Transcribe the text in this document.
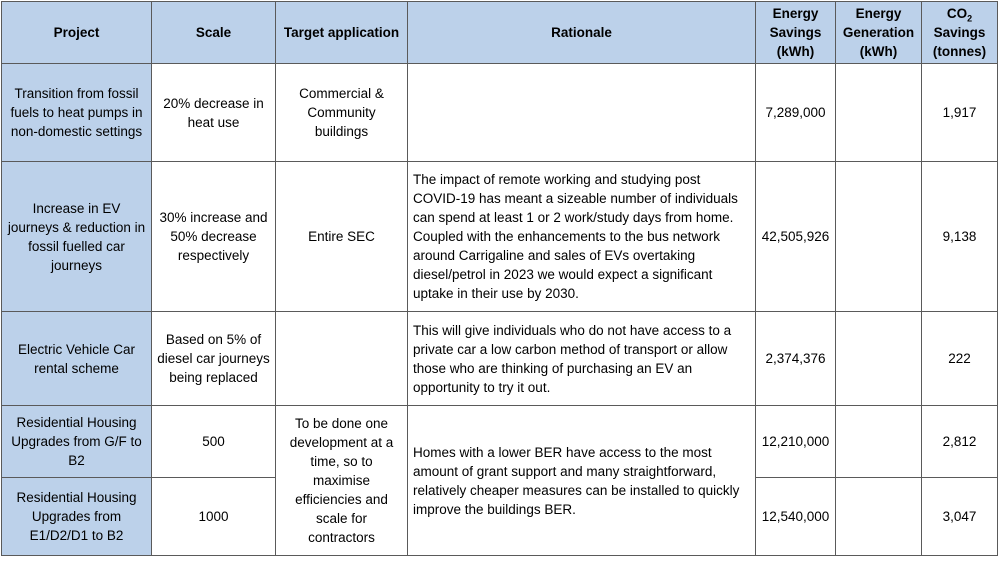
Project	Scale	Target application	Rationale	Energy Savings (kWh)	Energy Generation (kWh)	$CO_2$ Savings (tonnes)
Transition from fossil fuels to heat pumps in non-domestic settings	20% decrease in heat use	Commercial & Community buildings		7,289,000		1,917
Increase in EV journeys & reduction in fossil fuelled car journeys	30% increase and 50% decrease respectively	Entire SEC	The impact of remote working and studying post COVID-19 has meant a sizeable number of individuals can spend at least 1 or 2 work/study days from home. Coupled with the enhancements to the bus network around Carrigaline and sales of EVs overtaking diesel/petrol in 2023 we would expect a significant uptake in their use by 2030.	42,505,926		9,138
Electric Vehicle Car rental scheme	Based on 5% of diesel car journeys being replaced		This will give individuals who do not have access to a private car a low carbon method of transport or allow those who are thinking of purchasing an EV an opportunity to try it out.	2,374,376		222
Residential Housing Upgrades from G/F to B2	500	To be done one development at a time, so to maximise efficiencies and scale for contractors	Homes with a lower BER have access to the most amount of grant support and many straightforward, relatively cheaper measures can be installed to quickly improve the buildings BER.	12,210,000		2,812
Residential Housing Upgrades from E1/D2/D1 to B2	1000			12,540,000		3,047
